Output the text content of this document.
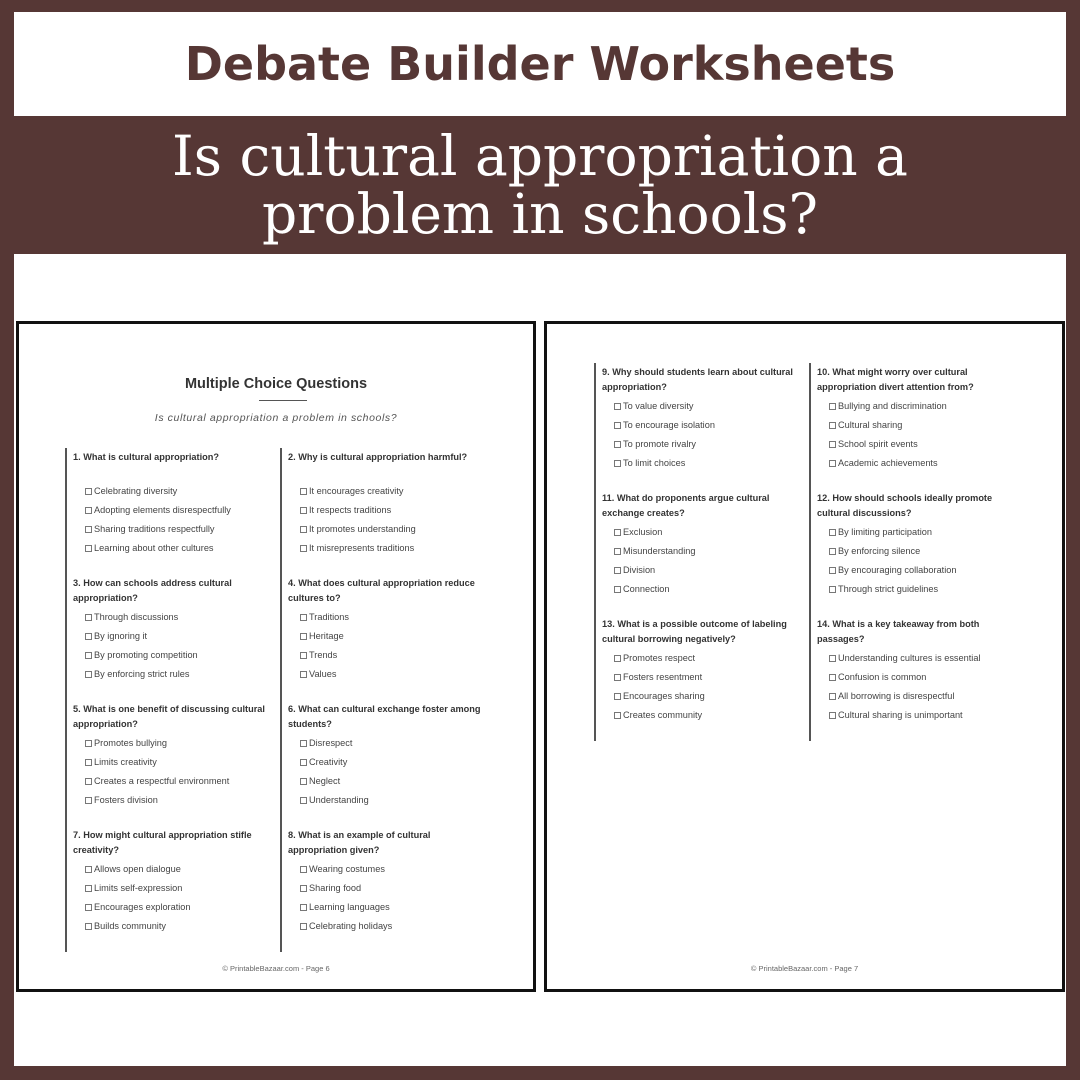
Debate Builder Worksheets
Is cultural appropriation a problem in schools?
Multiple Choice Questions
Is cultural appropriation a problem in schools?
1. What is cultural appropriation?
Celebrating diversity
Adopting elements disrespectfully
Sharing traditions respectfully
Learning about other cultures
2. Why is cultural appropriation harmful?
It encourages creativity
It respects traditions
It promotes understanding
It misrepresents traditions
3. How can schools address cultural appropriation?
Through discussions
By ignoring it
By promoting competition
By enforcing strict rules
4. What does cultural appropriation reduce cultures to?
Traditions
Heritage
Trends
Values
5. What is one benefit of discussing cultural appropriation?
Promotes bullying
Limits creativity
Creates a respectful environment
Fosters division
6. What can cultural exchange foster among students?
Disrespect
Creativity
Neglect
Understanding
7. How might cultural appropriation stifle creativity?
Allows open dialogue
Limits self-expression
Encourages exploration
Builds community
8. What is an example of cultural appropriation given?
Wearing costumes
Sharing food
Learning languages
Celebrating holidays
© PrintableBazaar.com - Page 6
9. Why should students learn about cultural appropriation?
To value diversity
To encourage isolation
To promote rivalry
To limit choices
10. What might worry over cultural appropriation divert attention from?
Bullying and discrimination
Cultural sharing
School spirit events
Academic achievements
11. What do proponents argue cultural exchange creates?
Exclusion
Misunderstanding
Division
Connection
12. How should schools ideally promote cultural discussions?
By limiting participation
By enforcing silence
By encouraging collaboration
Through strict guidelines
13. What is a possible outcome of labeling cultural borrowing negatively?
Promotes respect
Fosters resentment
Encourages sharing
Creates community
14. What is a key takeaway from both passages?
Understanding cultures is essential
Confusion is common
All borrowing is disrespectful
Cultural sharing is unimportant
© PrintableBazaar.com - Page 7
